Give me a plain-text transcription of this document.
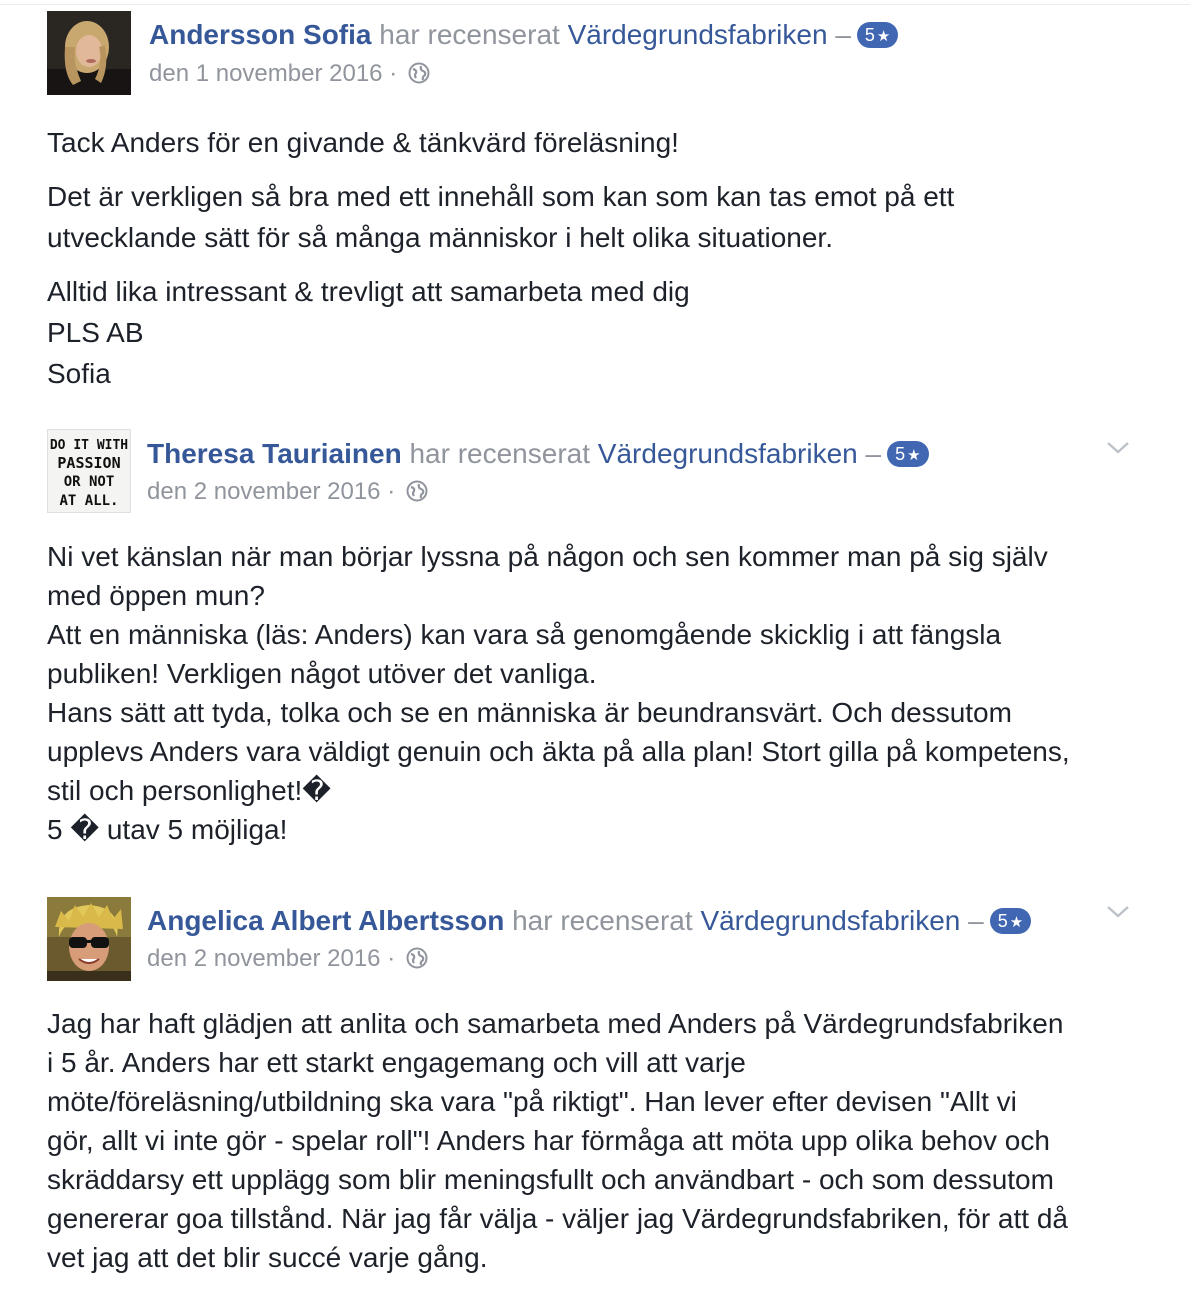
Andersson Sofia har recenserat Värdegrundsfabriken – 5 ★
den 1 november 2016 ·

Tack Anders för en givande & tänkvärd föreläsning!

Det är verkligen så bra med ett innehåll som kan som kan tas emot på ett
utvecklande sätt för så många människor i helt olika situationer.

Alltid lika intressant & trevligt att samarbeta med dig
PLS AB
Sofia

DO IT WITH
PASSION
OR NOT
AT ALL.
Theresa Tauriainen har recenserat Värdegrundsfabriken – 5 ★
den 2 november 2016 ·

Ni vet känslan när man börjar lyssna på någon och sen kommer man på sig själv
med öppen mun?
Att en människa (läs: Anders) kan vara så genomgående skicklig i att fängsla
publiken! Verkligen något utöver det vanliga.
Hans sätt att tyda, tolka och se en människa är beundransvärt. Och dessutom
upplevs Anders vara väldigt genuin och äkta på alla plan! Stort gilla på kompetens,
stil och personlighet!�
5 � utav 5 möjliga!

Angelica Albert Albertsson har recenserat Värdegrundsfabriken – 5 ★
den 2 november 2016 ·

Jag har haft glädjen att anlita och samarbeta med Anders på Värdegrundsfabriken
i 5 år. Anders har ett starkt engagemang och vill att varje
möte/föreläsning/utbildning ska vara "på riktigt". Han lever efter devisen "Allt vi
gör, allt vi inte gör - spelar roll"! Anders har förmåga att möta upp olika behov och
skräddarsy ett upplägg som blir meningsfullt och användbart - och som dessutom
genererar goa tillstånd. När jag får välja - väljer jag Värdegrundsfabriken, för att då
vet jag att det blir succé varje gång.
